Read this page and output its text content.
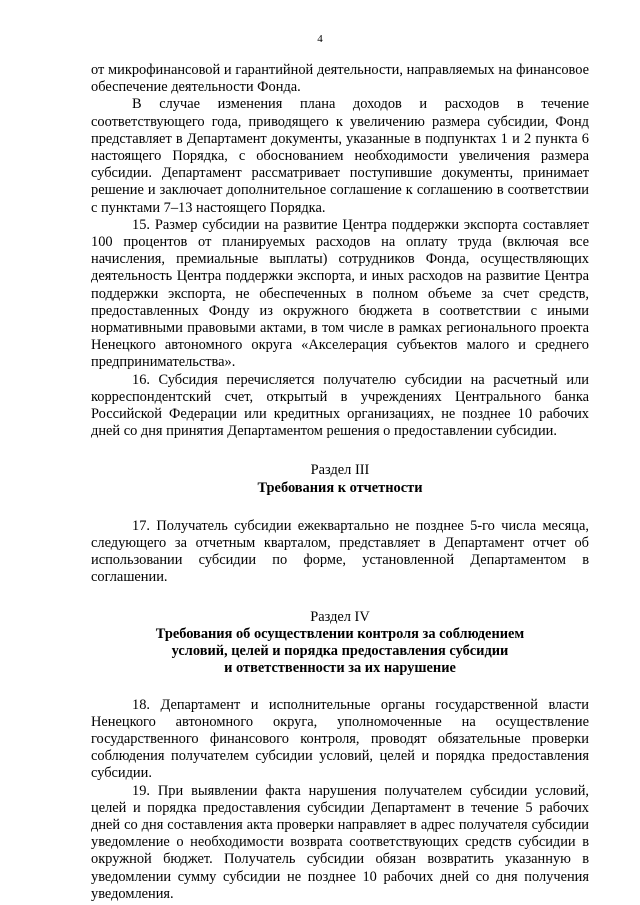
4

от микрофинансовой и гарантийной деятельности, направляемых на финансовое обеспечение деятельности Фонда.

В случае изменения плана доходов и расходов в течение соответствующего года, приводящего к увеличению размера субсидии, Фонд представляет в Департамент документы, указанные в подпунктах 1 и 2 пункта 6 настоящего Порядка, с обоснованием необходимости увеличения размера субсидии. Департамент рассматривает поступившие документы, принимает решение и заключает дополнительное соглашение к соглашению в соответствии с пунктами 7–13 настоящего Порядка.

15. Размер субсидии на развитие Центра поддержки экспорта составляет 100 процентов от планируемых расходов на оплату труда (включая все начисления, премиальные выплаты) сотрудников Фонда, осуществляющих деятельность Центра поддержки экспорта, и иных расходов на развитие Центра поддержки экспорта, не обеспеченных в полном объеме за счет средств, предоставленных Фонду из окружного бюджета в соответствии с иными нормативными правовыми актами, в том числе в рамках регионального проекта Ненецкого автономного округа «Акселерация субъектов малого и среднего предпринимательства».

16. Субсидия перечисляется получателю субсидии на расчетный или корреспондентский счет, открытый в учреждениях Центрального банка Российской Федерации или кредитных организациях, не позднее 10 рабочих дней со дня принятия Департаментом решения о предоставлении субсидии.

Раздел III
Требования к отчетности

17. Получатель субсидии ежеквартально не позднее 5-го числа месяца, следующего за отчетным кварталом, представляет в Департамент отчет об использовании субсидии по форме, установленной Департаментом в соглашении.

Раздел IV
Требования об осуществлении контроля за соблюдением
условий, целей и порядка предоставления субсидии
и ответственности за их нарушение

18. Департамент и исполнительные органы государственной власти Ненецкого автономного округа, уполномоченные на осуществление государственного финансового контроля, проводят обязательные проверки соблюдения получателем субсидии условий, целей и порядка предоставления субсидии.

19. При выявлении факта нарушения получателем субсидии условий, целей и порядка предоставления субсидии Департамент в течение 5 рабочих дней со дня составления акта проверки направляет в адрес получателя субсидии уведомление о необходимости возврата соответствующих средств субсидии в окружной бюджет. Получатель субсидии обязан возвратить указанную в уведомлении сумму субсидии не позднее 10 рабочих дней со дня получения уведомления.
